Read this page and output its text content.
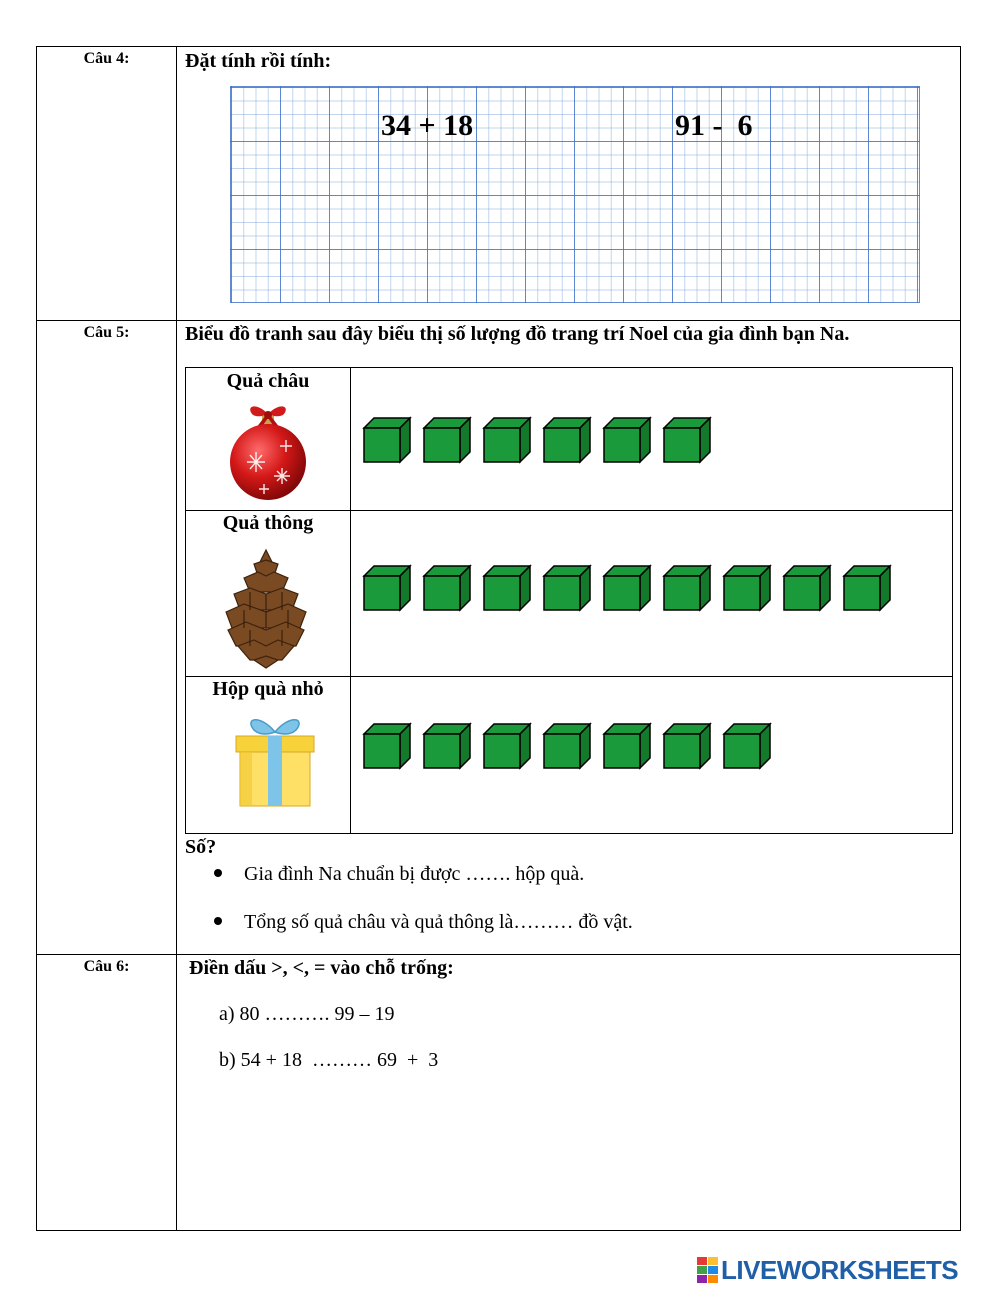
Câu 4:	Đặt tính rồi tính:
34 + 18	91 -  6
Câu 5:	Biểu đồ tranh sau đây biểu thị số lượng đồ trang trí Noel của gia đình bạn Na.
Quả châu
Quả thông
Hộp quà nhỏ
Số?
Gia đình Na chuẩn bị được ……. hộp quà.
Tổng số quả châu và quả thông là……… đồ vật.
Câu 6:	Điền dấu >, <, = vào chỗ trống:
a) 80 ………. 99 – 19
b) 54 + 18  ……… 69  +  3
LIVEWORKSHEETS
